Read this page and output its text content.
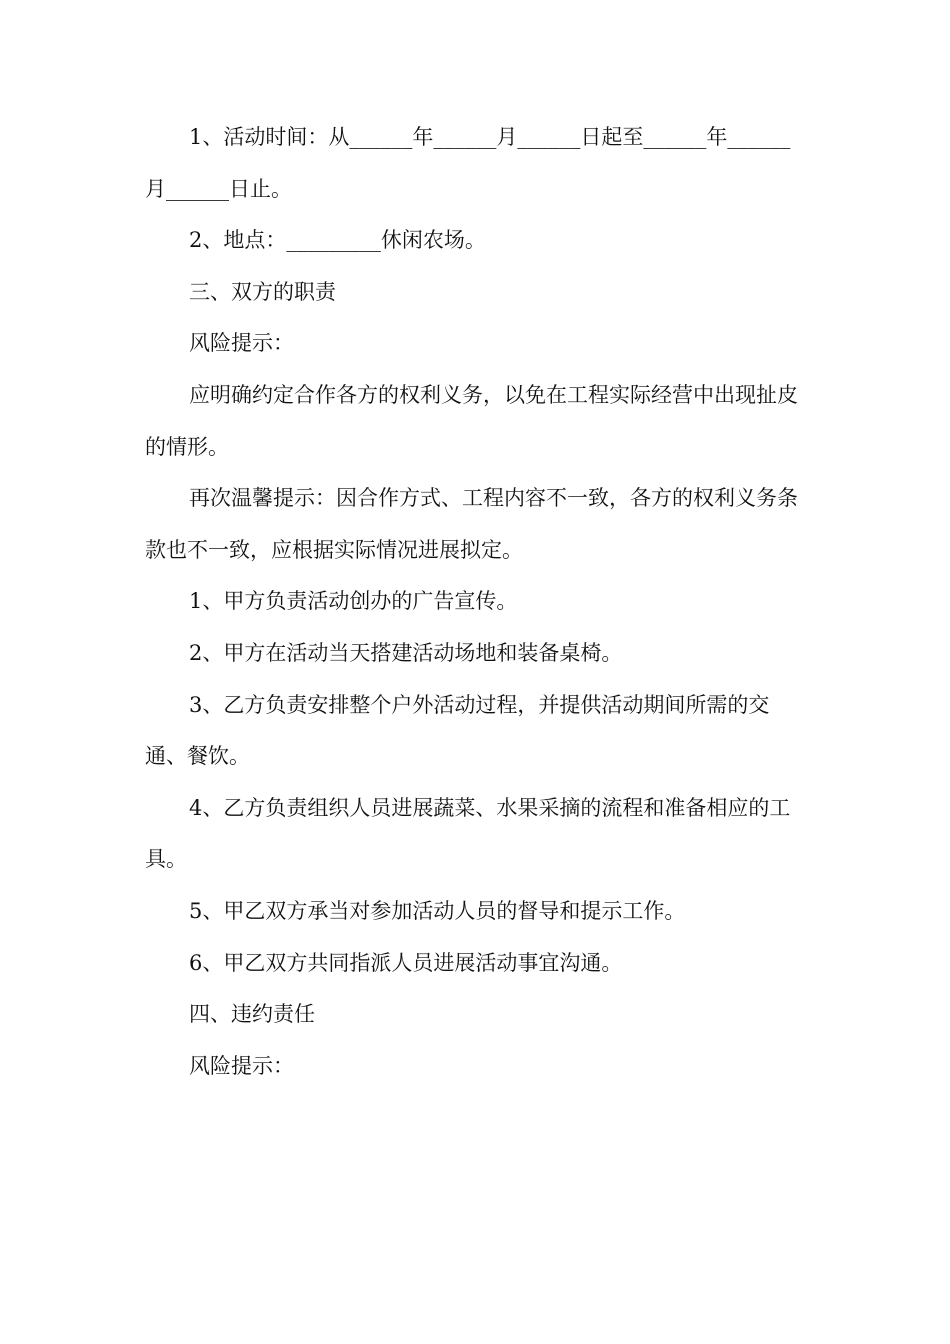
1、活动时间：从______年______月______日起至______年______月______日止。

2、地点：_________休闲农场。

三、双方的职责

风险提示：

应明确约定合作各方的权利义务，以免在工程实际经营中出现扯皮的情形。

再次温馨提示：因合作方式、工程内容不一致，各方的权利义务条款也不一致，应根据实际情况进展拟定。

1、甲方负责活动创办的广告宣传。

2、甲方在活动当天搭建活动场地和装备桌椅。

3、乙方负责安排整个户外活动过程，并提供活动期间所需的交通、餐饮。

4、乙方负责组织人员进展蔬菜、水果采摘的流程和准备相应的工具。

5、甲乙双方承当对参加活动人员的督导和提示工作。

6、甲乙双方共同指派人员进展活动事宜沟通。

四、违约责任

风险提示：
